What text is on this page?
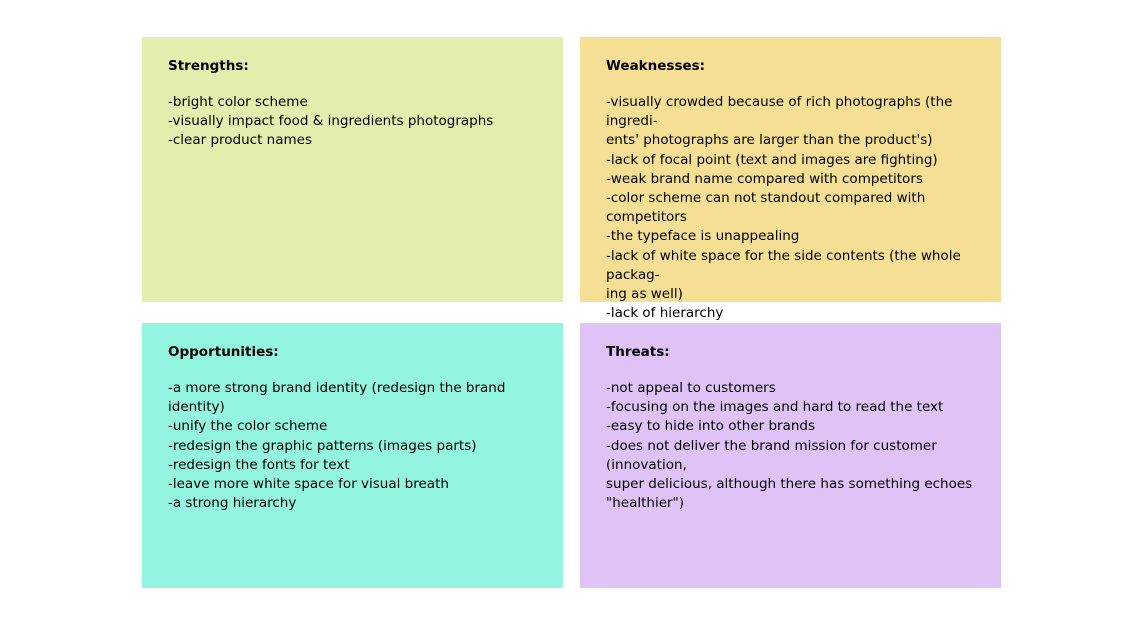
Strengths:
-bright color scheme
-visually impact food & ingredients photographs
-clear product names
Weaknesses:
-visually crowded because of rich photographs (the ingredi-
ents' photographs are larger than the product's)
-lack of focal point (text and images are fighting)
-weak brand name compared with competitors
-color scheme can not standout compared with competitors
-the typeface is unappealing
-lack of white space for the side contents (the whole packag-
ing as well)
-lack of hierarchy
Opportunities:
-a more strong brand identity (redesign the brand identity)
-unify the color scheme
-redesign the graphic patterns (images parts)
-redesign the fonts for text
-leave more white space for visual breath
-a strong hierarchy
Threats:
-not appeal to customers
-focusing on the images and hard to read the text
-easy to hide into other brands
-does not deliver the brand mission for customer (innovation,
super delicious, although there has something echoes
"healthier")
